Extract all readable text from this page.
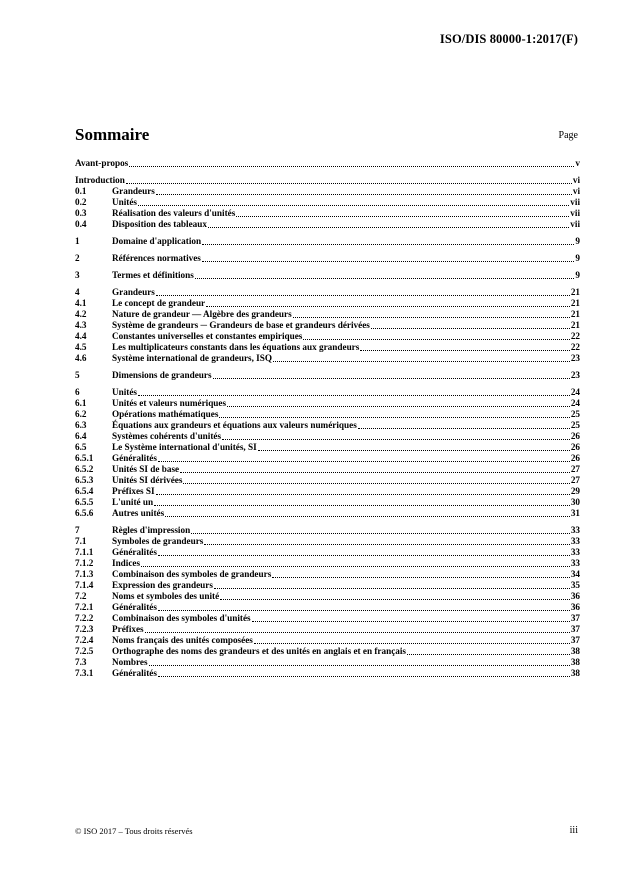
ISO/DIS 80000-1:2017(F)
Sommaire	Page
Avant-propos	v
Introduction	vi
0.1	Grandeurs	vi
0.2	Unités	vii
0.3	Réalisation des valeurs d'unités	vii
0.4	Disposition des tableaux	vii
1	Domaine d'application	9
2	Références normatives	9
3	Termes et définitions	9
4	Grandeurs	21
4.1	Le concept de grandeur	21
4.2	Nature de grandeur — Algèbre des grandeurs	21
4.3	Système de grandeurs ─ Grandeurs de base et grandeurs dérivées	21
4.4	Constantes universelles et constantes empiriques	22
4.5	Les multiplicateurs constants dans les équations aux grandeurs	22
4.6	Système international de grandeurs, ISQ	23
5	Dimensions de grandeurs	23
6	Unités	24
6.1	Unités et valeurs numériques	24
6.2	Opérations mathématiques	25
6.3	Équations aux grandeurs et équations aux valeurs numériques	25
6.4	Systèmes cohérents d'unités	26
6.5	Le Système international d'unités, SI	26
6.5.1	Généralités	26
6.5.2	Unités SI de base	27
6.5.3	Unités SI dérivées	27
6.5.4	Préfixes SI	29
6.5.5	L'unité un	30
6.5.6	Autres unités	31
7	Règles d'impression	33
7.1	Symboles de grandeurs	33
7.1.1	Généralités	33
7.1.2	Indices	33
7.1.3	Combinaison des symboles de grandeurs	34
7.1.4	Expression des grandeurs	35
7.2	Noms et symboles des unité	36
7.2.1	Généralités	36
7.2.2	Combinaison des symboles d'unités	37
7.2.3	Préfixes	37
7.2.4	Noms français des unités composées	37
7.2.5	Orthographe des noms des grandeurs et des unités en anglais et en français	38
7.3	Nombres	38
7.3.1	Généralités	38
© ISO 2017 – Tous droits réservés	iii
